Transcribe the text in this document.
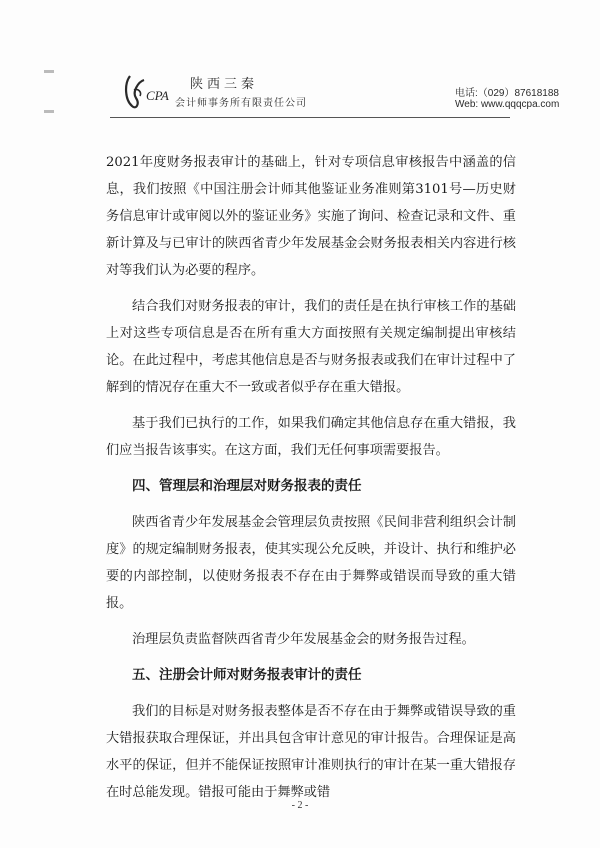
CPA
陕西三秦
会计师事务所有限责任公司
电话:（029）87618188
Web: www.qqqcpa.com

2021年度财务报表审计的基础上，针对专项信息审核报告中涵盖的信息，我们按照《中国注册会计师其他鉴证业务准则第3101号—历史财务信息审计或审阅以外的鉴证业务》实施了询问、检查记录和文件、重新计算及与已审计的陕西省青少年发展基金会财务报表相关内容进行核对等我们认为必要的程序。

结合我们对财务报表的审计，我们的责任是在执行审核工作的基础上对这些专项信息是否在所有重大方面按照有关规定编制提出审核结论。在此过程中，考虑其他信息是否与财务报表或我们在审计过程中了解到的情况存在重大不一致或者似乎存在重大错报。

基于我们已执行的工作，如果我们确定其他信息存在重大错报，我们应当报告该事实。在这方面，我们无任何事项需要报告。

四、管理层和治理层对财务报表的责任

陕西省青少年发展基金会管理层负责按照《民间非营利组织会计制度》的规定编制财务报表，使其实现公允反映，并设计、执行和维护必要的内部控制，以使财务报表不存在由于舞弊或错误而导致的重大错报。

治理层负责监督陕西省青少年发展基金会的财务报告过程。

五、注册会计师对财务报表审计的责任

我们的目标是对财务报表整体是否不存在由于舞弊或错误导致的重大错报获取合理保证，并出具包含审计意见的审计报告。合理保证是高水平的保证，但并不能保证按照审计准则执行的审计在某一重大错报存在时总能发现。错报可能由于舞弊或错

- 2 -
